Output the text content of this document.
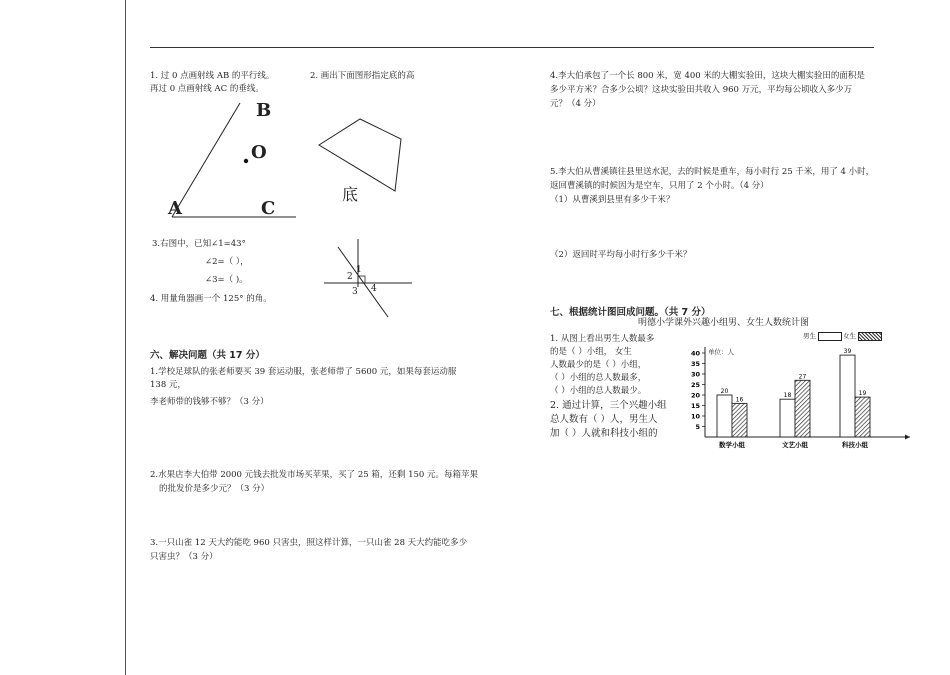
1. 过 0 点画射线 AB 的平行线。
再过 0 点画射线 AC 的垂线。
2. 画出下面图形指定底的高
B
O
A	C
底
3.右图中，已知∠1=43°
∠2=（ ），
∠3=（ )。
1
2
3 4
4. 用量角器画一个 125° 的角。
六、解决问题（共 17 分）
1.学校足球队的张老师要买 39 套运动服，张老师带了 5600 元，如果每套运动服
138 元，
李老师带的钱够不够？（3 分）
2.水果店李大伯带 2000 元钱去批发市场买苹果，买了 25 箱，还剩 150 元。每箱苹果
的批发价是多少元？（3 分）
3.一只山雀 12 天大约能吃 960 只害虫，照这样计算，一只山雀 28 天大约能吃多少
只害虫？（3 分）
4.李大伯承包了一个长 800 米，宽 400 米的大棚实验田，这块大棚实验田的面积是
多少平方米？合多少公顷？这块实验田共收入 960 万元，平均每公顷收入多少万
元？（4 分）
5.李大伯从曹溪镇往县里送水泥，去的时候是重车，每小时行 25 千米，用了 4 小时，
返回曹溪镇的时候因为是空车，只用了 2 个小时。（4 分）
（1）从曹溪到县里有多少千米？
（2）返回时平均每小时行多少千米？
七、根据统计图回成问题。（共 7 分）
明德小学课外兴趣小组男、女生人数统计图
1. 从图上看出男生人数最多
的是（ ）小组， 女生
人数最少的是（ ）小组，
（ ）小组的总人数最多，
（ ）小组的总人数最少。
2. 通过计算，三个兴趣小组
总人数有（ ）人，男生人
加（ ）人就和科技小组的
单位：人
男生	女生
5
10
15
20
25
30
35
40
20
16
数学小组
18
27
文艺小组
39
19
科技小组
